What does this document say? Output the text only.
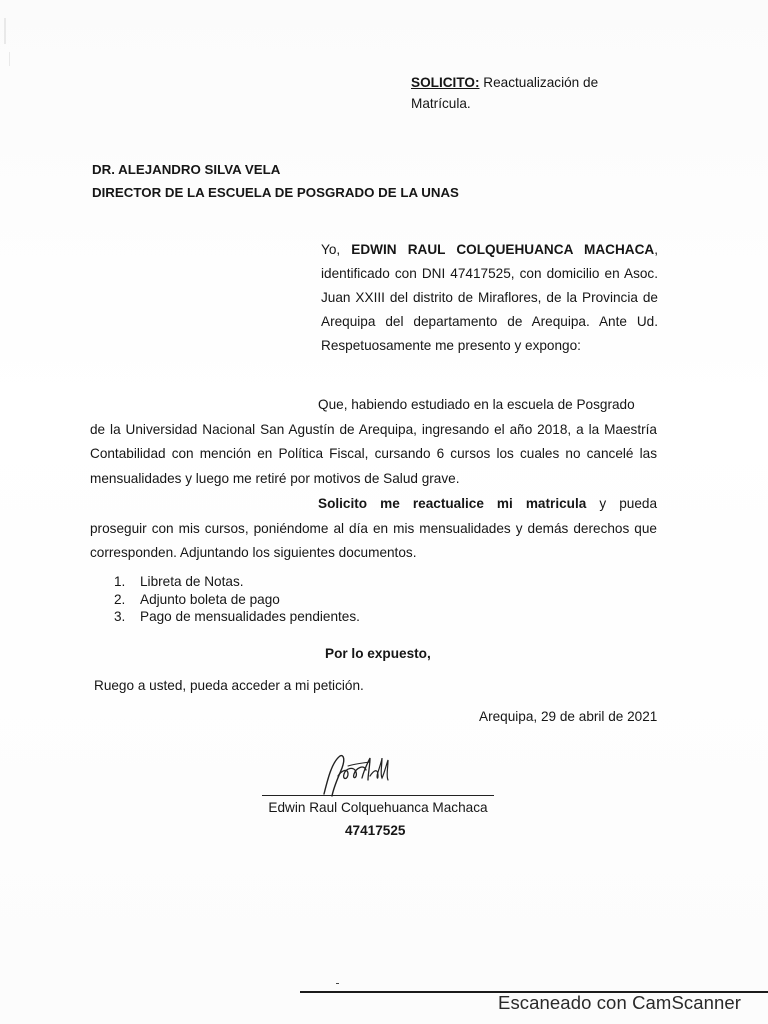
SOLICITO: Reactualización de
Matrícula.
DR. ALEJANDRO SILVA VELA
DIRECTOR DE LA ESCUELA DE POSGRADO DE LA UNAS
Yo, EDWIN RAUL COLQUEHUANCA MACHACA,
identificado con DNI 47417525, con domicilio en Asoc.
Juan XXIII del distrito de Miraflores, de la Provincia de
Arequipa del departamento de Arequipa. Ante Ud.
Respetuosamente me presento y expongo:
Que, habiendo estudiado en la escuela de Posgrado
de la Universidad Nacional San Agustín de Arequipa, ingresando el año 2018, a la Maestría
Contabilidad con mención en Política Fiscal, cursando 6 cursos los cuales no cancelé las
mensualidades y luego me retiré por motivos de Salud grave.
Solicito me reactualice mi matricula y pueda
proseguir con mis cursos, poniéndome al día en mis mensualidades y demás derechos que
corresponden. Adjuntando los siguientes documentos.
1.	Libreta de Notas.
2.	Adjunto boleta de pago
3.	Pago de mensualidades pendientes.
Por lo expuesto,
Ruego a usted, pueda acceder a mi petición.
Arequipa, 29 de abril de 2021
Edwin Raul Colquehuanca Machaca
47417525
Escaneado con CamScanner
